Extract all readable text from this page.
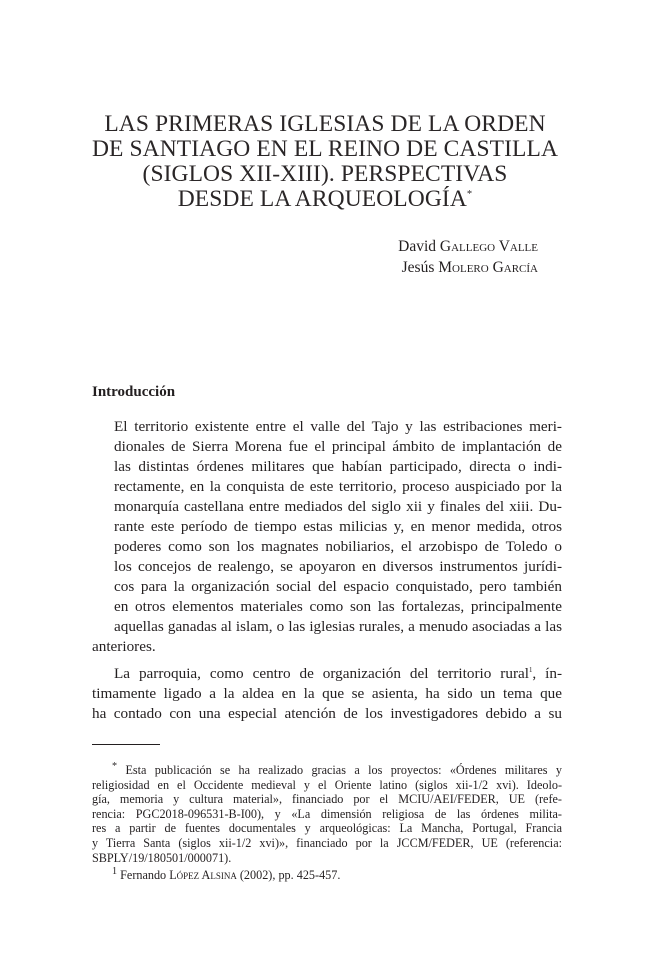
LAS PRIMERAS IGLESIAS DE LA ORDEN
DE SANTIAGO EN EL REINO DE CASTILLA
(SIGLOS XII-XIII). PERSPECTIVAS
DESDE LA ARQUEOLOGÍA*
David Gallego Valle
Jesús Molero García
Introducción

El territorio existente entre el valle del Tajo y las estribaciones meri-
dionales de Sierra Morena fue el principal ámbito de implantación de
las distintas órdenes militares que habían participado, directa o indi-
rectamente, en la conquista de este territorio, proceso auspiciado por la
monarquía castellana entre mediados del siglo xii y finales del xiii. Du-
rante este período de tiempo estas milicias y, en menor medida, otros
poderes como son los magnates nobiliarios, el arzobispo de Toledo o
los concejos de realengo, se apoyaron en diversos instrumentos jurídi-
cos para la organización social del espacio conquistado, pero también
en otros elementos materiales como son las fortalezas, principalmente
aquellas ganadas al islam, o las iglesias rurales, a menudo asociadas a las
anteriores.

La parroquia, como centro de organización del territorio rural$^1$, ín-
timamente ligado a la aldea en la que se asienta, ha sido un tema que
ha contado con una especial atención de los investigadores debido a su

* Esta publicación se ha realizado gracias a los proyectos: «Órdenes militares y
religiosidad en el Occidente medieval y el Oriente latino (siglos xii-1/2 xvi). Ideolo-
gía, memoria y cultura material», financiado por el MCIU/AEI/FEDER, UE (refe-
rencia: PGC2018-096531-B-I00), y «La dimensión religiosa de las órdenes milita-
res a partir de fuentes documentales y arqueológicas: La Mancha, Portugal, Francia
y Tierra Santa (siglos xii-1/2 xvi)», financiado por la JCCM/FEDER, UE (referencia:
SBPLY/19/180501/000071).

$^1$ Fernando López Alsina (2002), pp. 425-457.
